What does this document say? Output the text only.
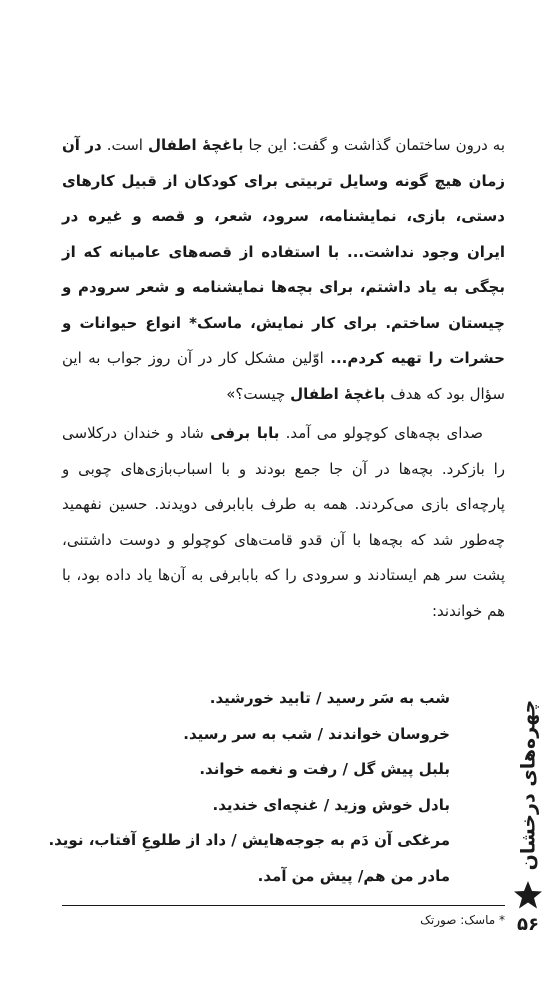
به درون ساختمان گذاشت و گفت: این جا باغچهٔ اطفال است. در آن زمان هیچ گونه وسایل تربیتی برای کودکان از قبیل کارهای دستی، بازی، نمایشنامه، سرود، شعر، و قصه و غیره در ایران وجود نداشت... با استفاده از قصه‌های عامیانه که از بچگی به یاد داشتم، برای بچه‌ها نمایشنامه و شعر سرودم و چیستان ساختم. برای کار نمایش، ماسک* انواع حیوانات و حشرات را تهیه کردم... اوّلین مشکل کار در آن روز جواب به این سؤال بود که هدف باغچهٔ اطفال چیست؟»

صدای بچه‌های کوچولو می آمد. بابا برفی شاد و خندان درکلاسی را بازکرد. بچه‌ها در آن جا جمع بودند و با اسباب‌بازی‌های چوبی و پارچه‌ای بازی می‌کردند. همه به طرف بابابرفی دویدند. حسین نفهمید چه‌طور شد که بچه‌ها با آن قدو قامت‌های کوچولو و دوست داشتنی، پشت سر هم ایستادند و سرودی را که بابابرفی به آن‌ها یاد داده بود، با هم خواندند:

شب به سَر رسید / تابید خورشید.
خروسان خواندند / شب به سر رسید.
بلبل پیش گل / رفت و نغمه خواند.
بادل خوش وزید / غنچه‌ای خندید.
مرغکی آن دَم به جوجه‌هایش / داد از طلوعِ آفتاب، نوید.
مادر من هم/ پیش من آمد.
* ماسک: صورتک
چهره‌های درخشان
۵۶
